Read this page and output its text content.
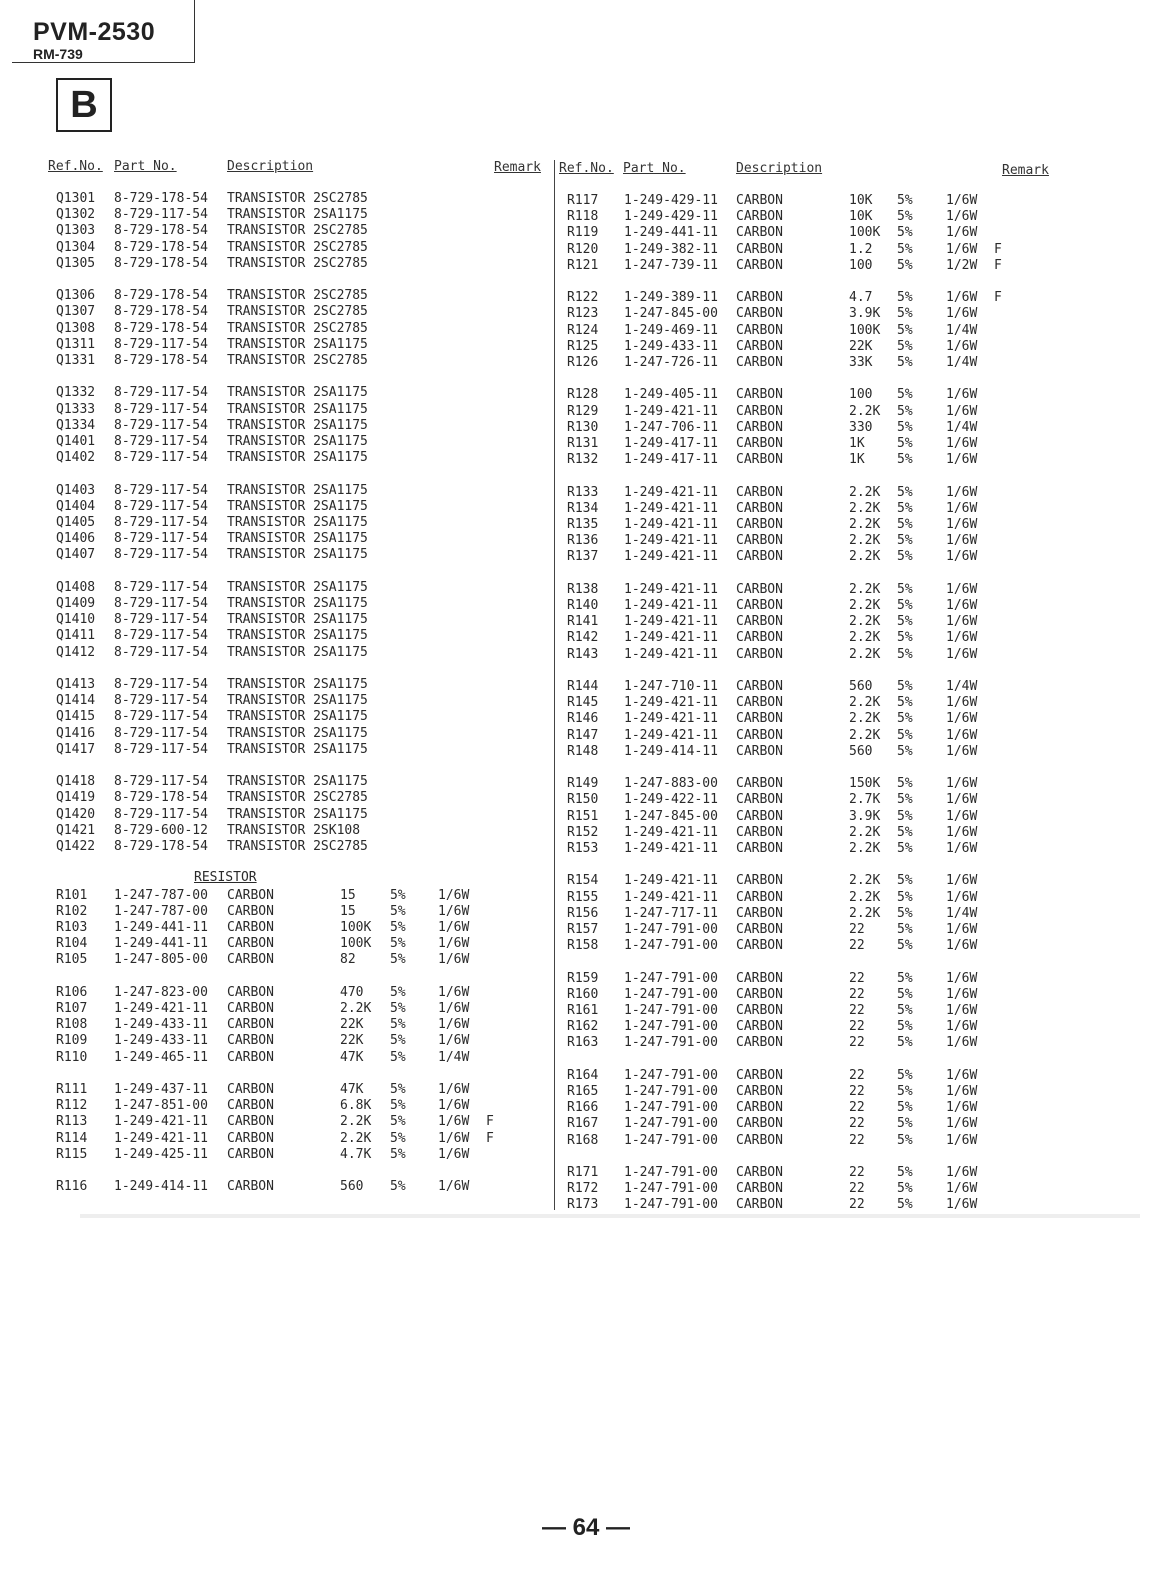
PVM-2530
RM-739
B
Ref.No. Part No.	Description	Remark Ref.No. Part No.	Description	Remark
Q1301 8-729-178-54 TRANSISTOR 2SC2785
Q1302 8-729-117-54 TRANSISTOR 2SA1175
Q1303 8-729-178-54 TRANSISTOR 2SC2785
Q1304 8-729-178-54 TRANSISTOR 2SC2785
Q1305 8-729-178-54 TRANSISTOR 2SC2785
Q1306 8-729-178-54 TRANSISTOR 2SC2785
Q1307 8-729-178-54 TRANSISTOR 2SC2785
Q1308 8-729-178-54 TRANSISTOR 2SC2785
Q1311 8-729-117-54 TRANSISTOR 2SA1175
Q1331 8-729-178-54 TRANSISTOR 2SC2785
Q1332 8-729-117-54 TRANSISTOR 2SA1175
Q1333 8-729-117-54 TRANSISTOR 2SA1175
Q1334 8-729-117-54 TRANSISTOR 2SA1175
Q1401 8-729-117-54 TRANSISTOR 2SA1175
Q1402 8-729-117-54 TRANSISTOR 2SA1175
Q1403 8-729-117-54 TRANSISTOR 2SA1175
Q1404 8-729-117-54 TRANSISTOR 2SA1175
Q1405 8-729-117-54 TRANSISTOR 2SA1175
Q1406 8-729-117-54 TRANSISTOR 2SA1175
Q1407 8-729-117-54 TRANSISTOR 2SA1175
Q1408 8-729-117-54 TRANSISTOR 2SA1175
Q1409 8-729-117-54 TRANSISTOR 2SA1175
Q1410 8-729-117-54 TRANSISTOR 2SA1175
Q1411 8-729-117-54 TRANSISTOR 2SA1175
Q1412 8-729-117-54 TRANSISTOR 2SA1175
Q1413 8-729-117-54 TRANSISTOR 2SA1175
Q1414 8-729-117-54 TRANSISTOR 2SA1175
Q1415 8-729-117-54 TRANSISTOR 2SA1175
Q1416 8-729-117-54 TRANSISTOR 2SA1175
Q1417 8-729-117-54 TRANSISTOR 2SA1175
Q1418 8-729-117-54 TRANSISTOR 2SA1175
Q1419 8-729-178-54 TRANSISTOR 2SC2785
Q1420 8-729-117-54 TRANSISTOR 2SA1175
Q1421 8-729-600-12 TRANSISTOR 2SK108
Q1422 8-729-178-54 TRANSISTOR 2SC2785
R101 1-247-787-00 CARBON	15	5% 1/6W
R102 1-247-787-00 CARBON	15	5% 1/6W
R103 1-249-441-11 CARBON	100K 5% 1/6W
R104 1-249-441-11 CARBON	100K 5% 1/6W
R105 1-247-805-00 CARBON	82	5% 1/6W
R106 1-247-823-00 CARBON	470 5% 1/6W
R107 1-249-421-11 CARBON	2.2K 5% 1/6W
R108 1-249-433-11 CARBON	22K 5% 1/6W
R109 1-249-433-11 CARBON	22K 5% 1/6W
R110 1-249-465-11 CARBON	47K 5% 1/4W
R111 1-249-437-11 CARBON	47K 5% 1/6W
R112 1-247-851-00 CARBON	6.8K 5% 1/6W
R113 1-249-421-11 CARBON	2.2K 5% 1/6W F
R114 1-249-421-11 CARBON	2.2K 5% 1/6W F
R115 1-249-425-11 CARBON	4.7K 5% 1/6W
R116 1-249-414-11 CARBON	560 5% 1/6W
RESISTOR
R117 1-249-429-11 CARBON	10K 5%	1/6W
R118 1-249-429-11 CARBON	10K 5%	1/6W
R119 1-249-441-11 CARBON	100K 5%	1/6W
R120 1-249-382-11 CARBON	1.2 5%	1/6W F
R121 1-247-739-11 CARBON	100 5%	1/2W F
R122 1-249-389-11 CARBON	4.7 5%	1/6W F
R123 1-247-845-00 CARBON	3.9K 5%	1/6W
R124 1-249-469-11 CARBON	100K 5%	1/4W
R125 1-249-433-11 CARBON	22K 5%	1/6W
R126 1-247-726-11 CARBON	33K 5%	1/4W
R128 1-249-405-11 CARBON	100 5%	1/6W
R129 1-249-421-11 CARBON	2.2K 5%	1/6W
R130 1-247-706-11 CARBON	330 5%	1/4W
R131 1-249-417-11 CARBON	1K 5%	1/6W
R132 1-249-417-11 CARBON	1K 5%	1/6W
R133 1-249-421-11 CARBON	2.2K 5%	1/6W
R134 1-249-421-11 CARBON	2.2K 5%	1/6W
R135 1-249-421-11 CARBON	2.2K 5%	1/6W
R136 1-249-421-11 CARBON	2.2K 5%	1/6W
R137 1-249-421-11 CARBON	2.2K 5%	1/6W
R138 1-249-421-11 CARBON	2.2K 5%	1/6W
R140 1-249-421-11 CARBON	2.2K 5%	1/6W
R141 1-249-421-11 CARBON	2.2K 5%	1/6W
R142 1-249-421-11 CARBON	2.2K 5%	1/6W
R143 1-249-421-11 CARBON	2.2K 5%	1/6W
R144 1-247-710-11 CARBON	560 5%	1/4W
R145 1-249-421-11 CARBON	2.2K 5%	1/6W
R146 1-249-421-11 CARBON	2.2K 5%	1/6W
R147 1-249-421-11 CARBON	2.2K 5%	1/6W
R148 1-249-414-11 CARBON	560 5%	1/6W
R149 1-247-883-00 CARBON	150K 5%	1/6W
R150 1-249-422-11 CARBON	2.7K 5%	1/6W
R151 1-247-845-00 CARBON	3.9K 5%	1/6W
R152 1-249-421-11 CARBON	2.2K 5%	1/6W
R153 1-249-421-11 CARBON	2.2K 5%	1/6W
R154 1-249-421-11 CARBON	2.2K 5%	1/6W
R155 1-249-421-11 CARBON	2.2K 5%	1/6W
R156 1-247-717-11 CARBON	2.2K 5%	1/4W
R157 1-247-791-00 CARBON	22 5%	1/6W
R158 1-247-791-00 CARBON	22 5%	1/6W
R159 1-247-791-00 CARBON	22 5%	1/6W
R160 1-247-791-00 CARBON	22 5%	1/6W
R161 1-247-791-00 CARBON	22 5%	1/6W
R162 1-247-791-00 CARBON	22 5%	1/6W
R163 1-247-791-00 CARBON	22 5%	1/6W
R164 1-247-791-00 CARBON	22 5%	1/6W
R165 1-247-791-00 CARBON	22 5%	1/6W
R166 1-247-791-00 CARBON	22 5%	1/6W
R167 1-247-791-00 CARBON	22 5%	1/6W
R168 1-247-791-00 CARBON	22 5%	1/6W
R171 1-247-791-00 CARBON	22 5%	1/6W
R172 1-247-791-00 CARBON	22 5%	1/6W
R173 1-247-791-00 CARBON	22 5%	1/6W
— 64 —
